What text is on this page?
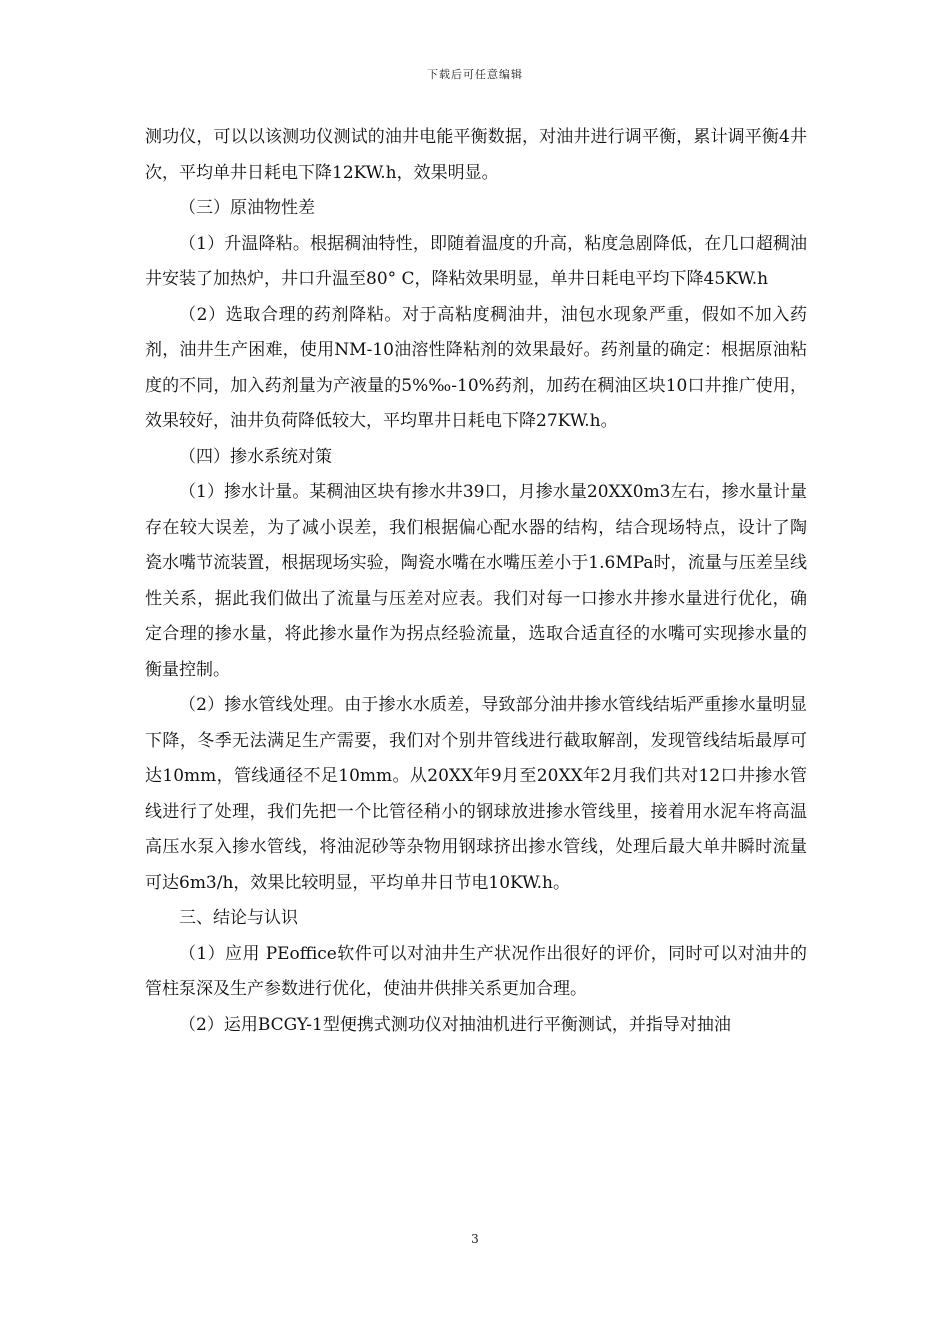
下载后可任意编辑

测功仪，可以以该测功仪测试的油井电能平衡数据，对油井进行调平衡，累计调平衡4井次，平均单井日耗电下降12KW.h，效果明显。

（三）原油物性差

（1）升温降粘。根据稠油特性，即随着温度的升高，粘度急剧降低，在几口超稠油井安装了加热炉，井口升温至80° C，降粘效果明显，单井日耗电平均下降45KW.h

（2）选取合理的药剂降粘。对于高粘度稠油井，油包水现象严重，假如不加入药剂，油井生产困难，使用NM-10油溶性降粘剂的效果最好。药剂量的确定：根据原油粘度的不同，加入药剂量为产液量的5%‰-10%药剂，加药在稠油区块10口井推广使用，效果较好，油井负荷降低较大，平均單井日耗电下降27KW.h。

（四）掺水系统对策

（1）掺水计量。某稠油区块有掺水井39口，月掺水量20XX0m3左右，掺水量计量存在较大误差，为了减小误差，我们根据偏心配水器的结构，结合现场特点，设计了陶瓷水嘴节流装置，根据现场实验，陶瓷水嘴在水嘴压差小于1.6MPa时，流量与压差呈线性关系，据此我们做出了流量与压差对应表。我们对每一口掺水井掺水量进行优化，确定合理的掺水量，将此掺水量作为拐点经验流量，选取合适直径的水嘴可实现掺水量的衡量控制。

（2）掺水管线处理。由于掺水水质差，导致部分油井掺水管线结垢严重掺水量明显下降，冬季无法满足生产需要，我们对个别井管线进行截取解剖，发现管线结垢最厚可达10mm，管线通径不足10mm。从20XX年9月至20XX年2月我们共对12口井掺水管线进行了处理，我们先把一个比管径稍小的钢球放进掺水管线里，接着用水泥车将高温高压水泵入掺水管线，将油泥砂等杂物用钢球挤出掺水管线，处理后最大单井瞬时流量可达6m3/h，效果比较明显，平均单井日节电10KW.h。

三、结论与认识

（1）应用 PEoffice软件可以对油井生产状况作出很好的评价，同时可以对油井的管柱泵深及生产参数进行优化，使油井供排关系更加合理。

（2）运用BCGY-1型便携式测功仪对抽油机进行平衡测试，并指导对抽油

3
